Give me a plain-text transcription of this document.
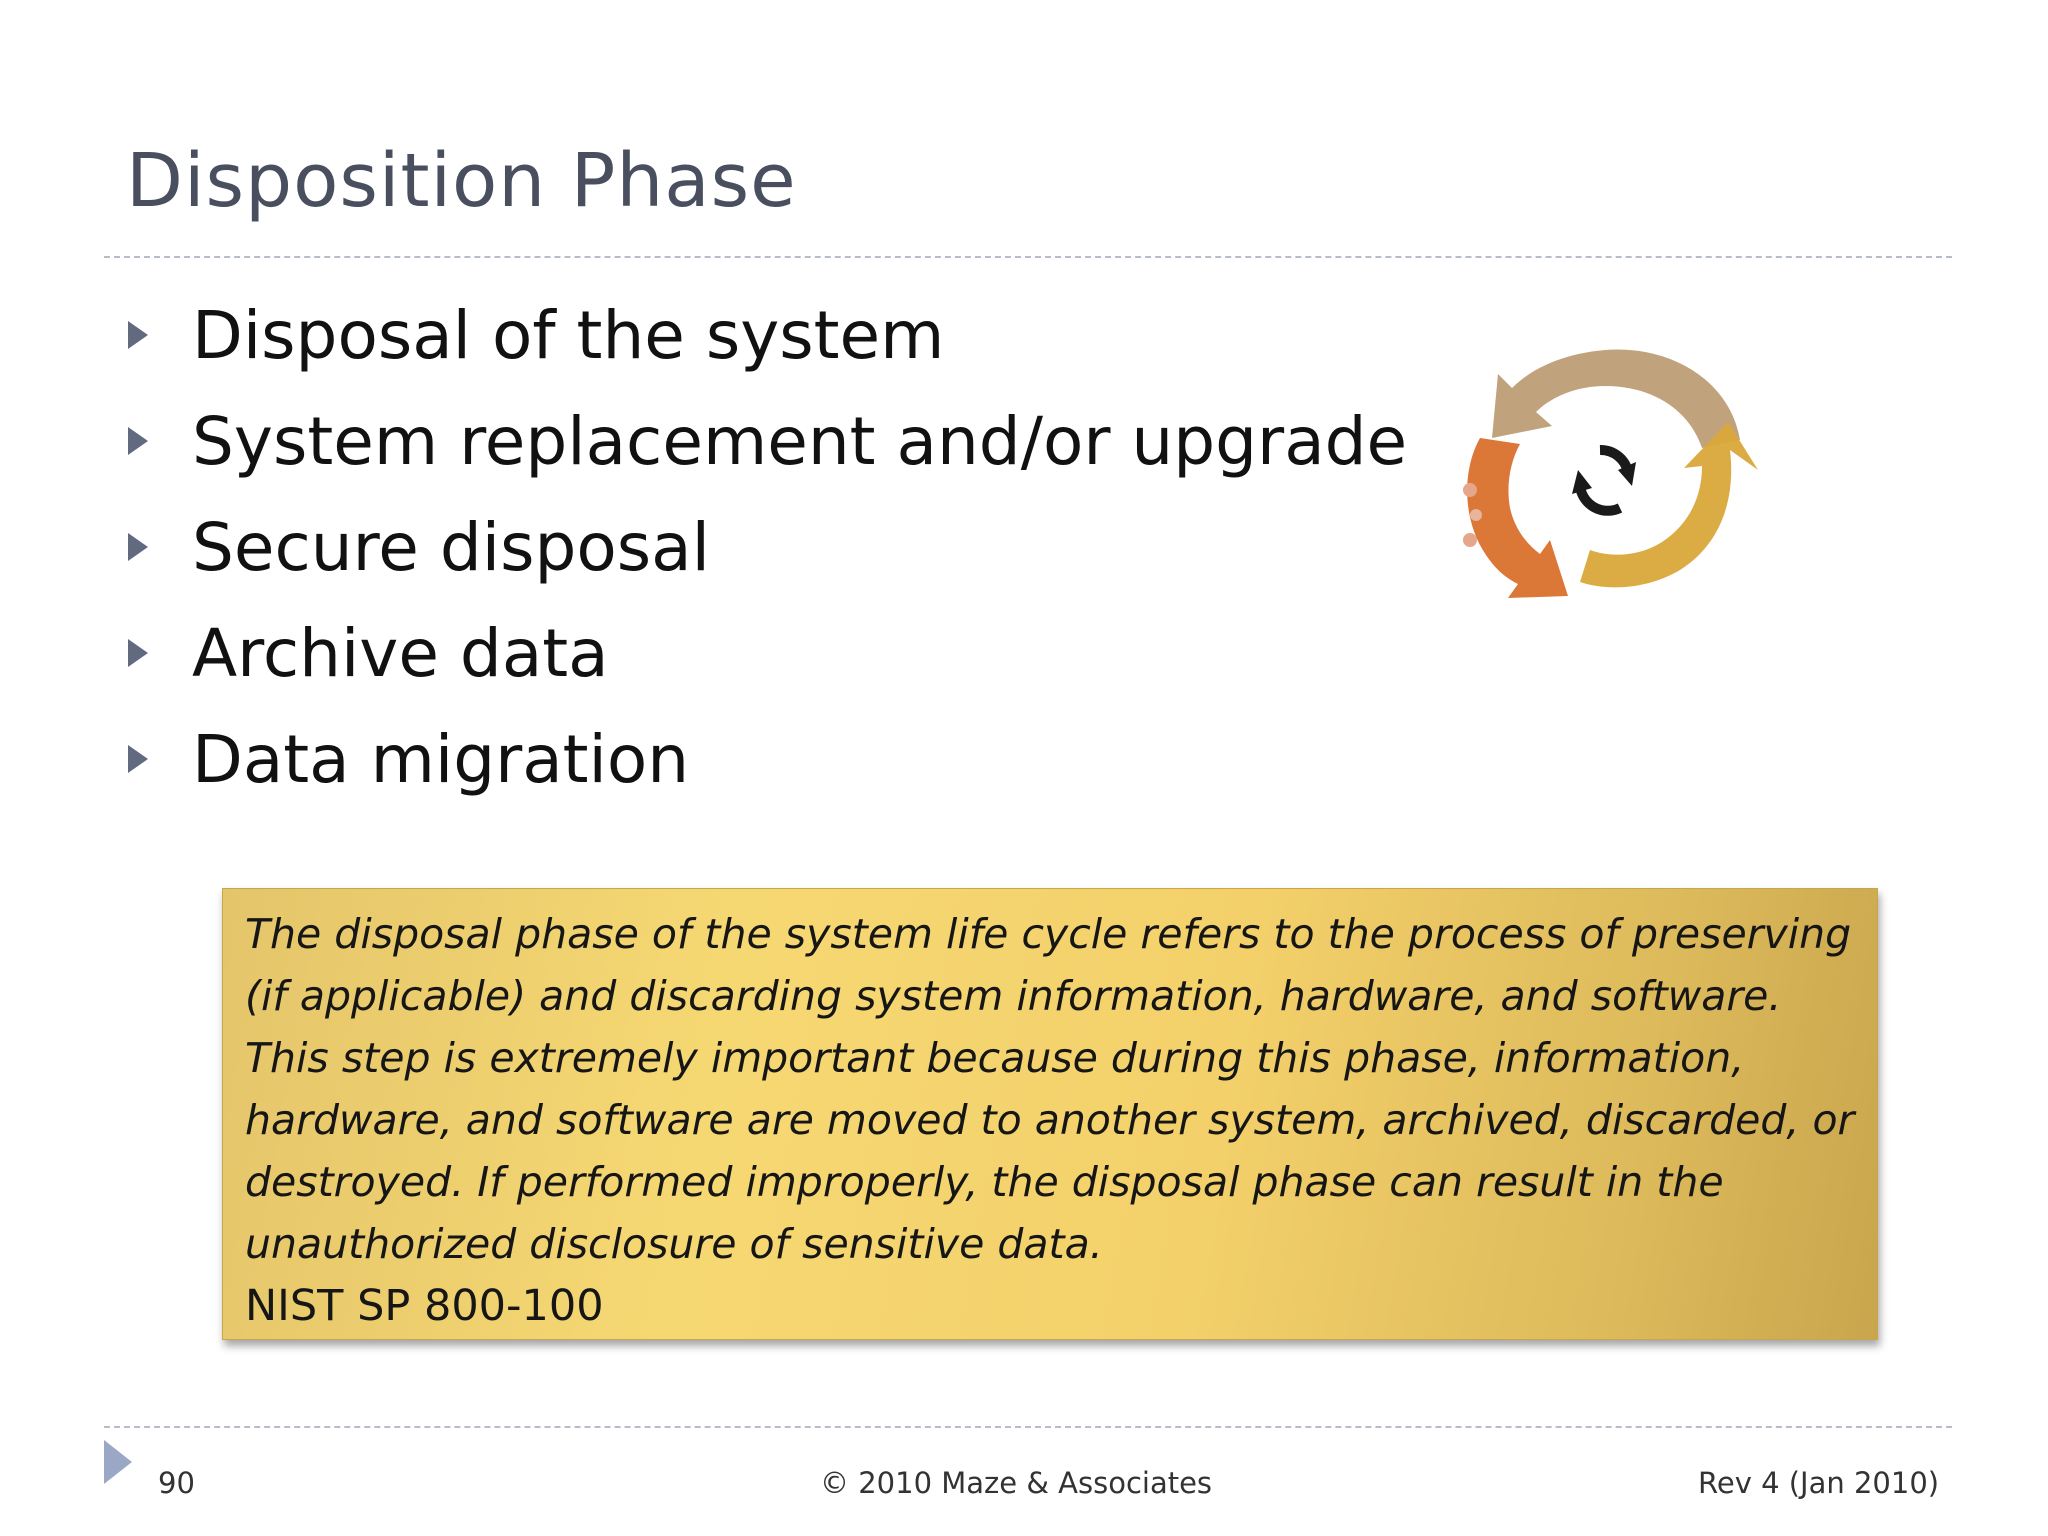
Disposition Phase
Disposal of the system
System replacement and/or upgrade
Secure disposal
Archive data
Data migration

The disposal phase of the system life cycle refers to the process of preserving (if applicable) and discarding system information, hardware, and software. This step is extremely important because during this phase, information, hardware, and software are moved to another system, archived, discarded, or destroyed. If performed improperly, the disposal phase can result in the unauthorized disclosure of sensitive data.

NIST SP 800-100

90	© 2010 Maze & Associates	Rev 4 (Jan 2010)
